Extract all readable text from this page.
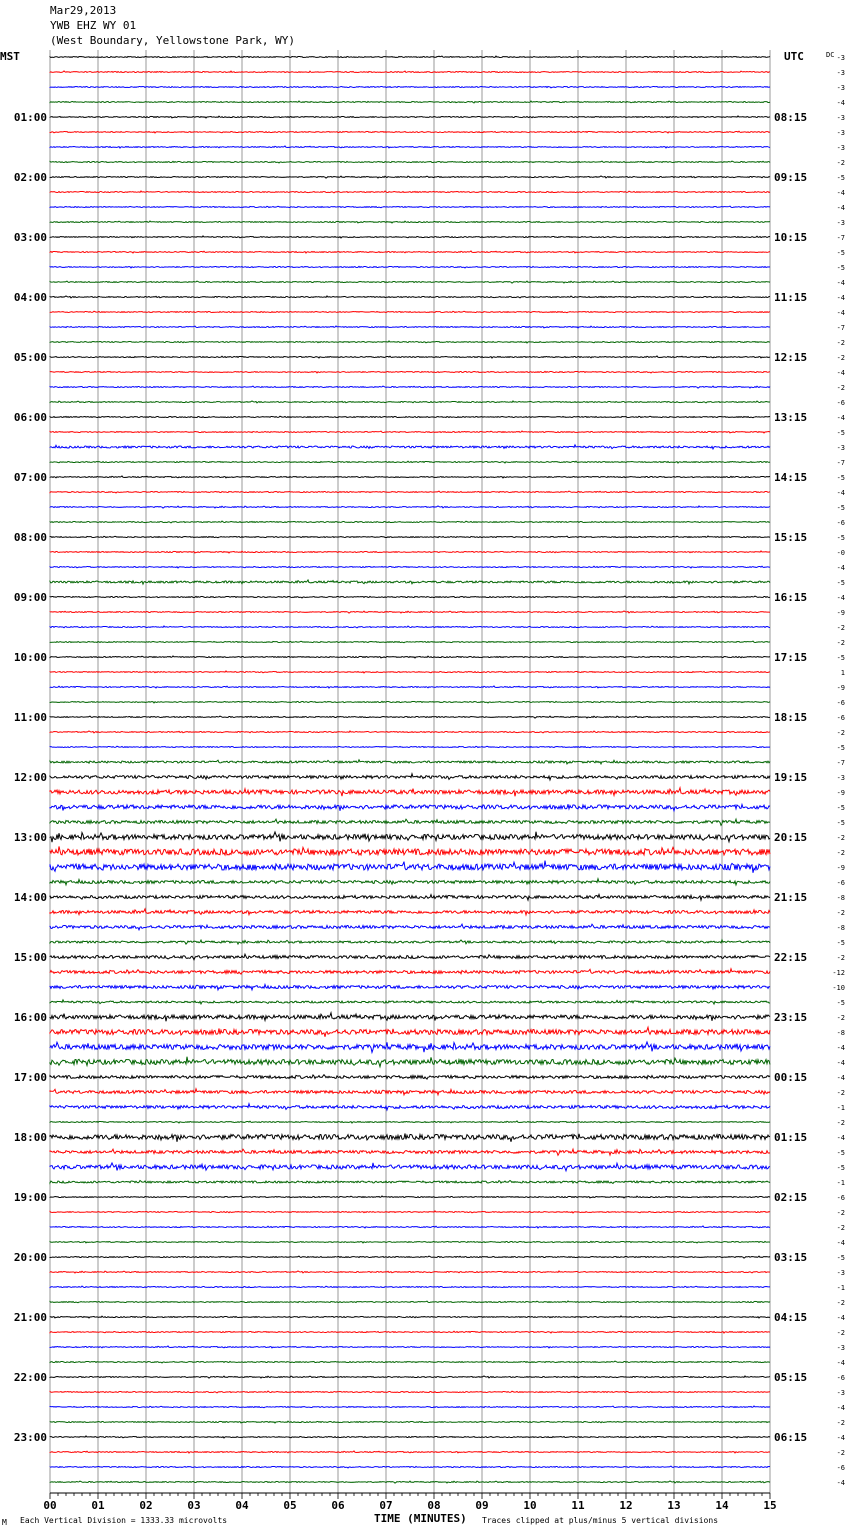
Mar29,2013
YWB EHZ WY 01
(West Boundary, Yellowstone Park, WY)
MST	UTC
01:00
02:00
03:00
04:00
05:00
06:00
07:00
08:00
09:00
10:00
11:00
12:00
13:00
14:00
15:00
16:00
17:00
18:00
19:00
20:00
21:00
22:00
23:00
08:15
09:15
10:15
11:15
12:15
13:15
14:15
15:15
16:15
17:15
18:15
19:15
20:15
21:15
22:15
23:15
00:15
01:15
02:15
03:15
04:15
05:15
06:15
DC -3
-3
-3
-4
-3
-3
-3
-2
-5
-4
-4
-3
-7
-5
-5
-4
-4
-4
-7
-2
-2
-4
-2
-6
-4
-5
-3
-7
-5
-4
-5
-6
-5
-0
-4
-5
-4
-9
-2
-2
-5
1
-9
-6
-6
-2
-5
-7
-3
-9
-5
-5
-2
-2
-9
-6
-8
-2
-8
-5
-2
-12
-10
-5
-2
-8
-4
-4
-4
-2
-1
-2
-4
-5
-5
-1
-6
-2
-2
-4
-5
-3
-1
-2
-4
-2
-3
-4
-6
-3
-4
-2
-4
-2
-6
-4
00	01	02	03	04	05	06	07	08	09	10	11	12	13	14	15
M Each Vertical Division = 1333.33 microvolts	TIME (MINUTES) Traces clipped at plus/minus 5 vertical divisions
